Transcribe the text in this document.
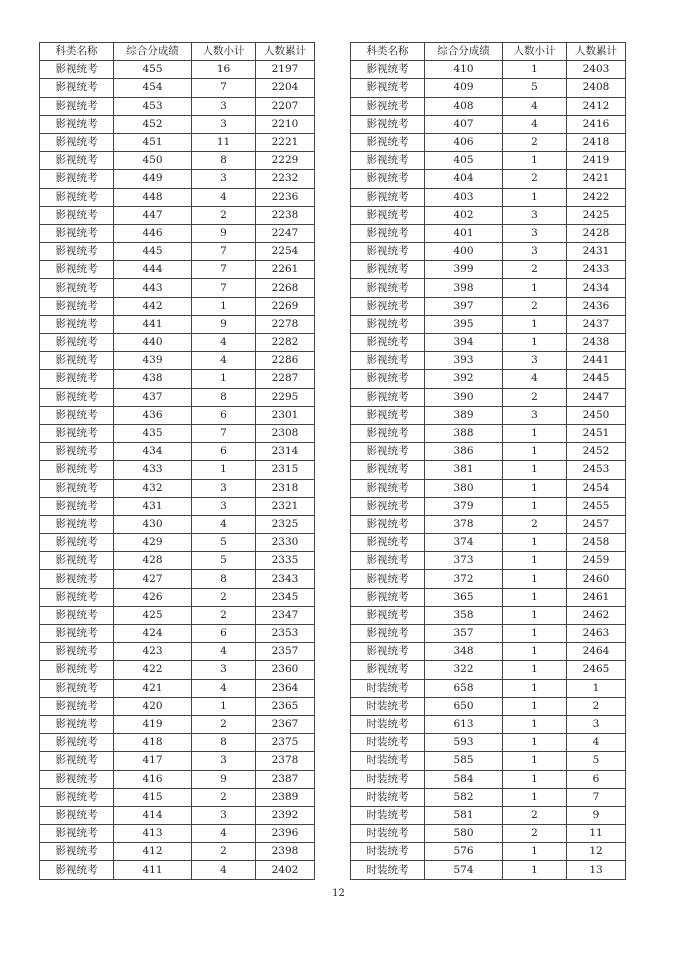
科类名称	综合分成绩	人数小计	人数累计
影视统考	455	16	2197
影视统考	454	7	2204
影视统考	453	3	2207
影视统考	452	3	2210
影视统考	451	11	2221
影视统考	450	8	2229
影视统考	449	3	2232
影视统考	448	4	2236
影视统考	447	2	2238
影视统考	446	9	2247
影视统考	445	7	2254
影视统考	444	7	2261
影视统考	443	7	2268
影视统考	442	1	2269
影视统考	441	9	2278
影视统考	440	4	2282
影视统考	439	4	2286
影视统考	438	1	2287
影视统考	437	8	2295
影视统考	436	6	2301
影视统考	435	7	2308
影视统考	434	6	2314
影视统考	433	1	2315
影视统考	432	3	2318
影视统考	431	3	2321
影视统考	430	4	2325
影视统考	429	5	2330
影视统考	428	5	2335
影视统考	427	8	2343
影视统考	426	2	2345
影视统考	425	2	2347
影视统考	424	6	2353
影视统考	423	4	2357
影视统考	422	3	2360
影视统考	421	4	2364
影视统考	420	1	2365
影视统考	419	2	2367
影视统考	418	8	2375
影视统考	417	3	2378
影视统考	416	9	2387
影视统考	415	2	2389
影视统考	414	3	2392
影视统考	413	4	2396
影视统考	412	2	2398
影视统考	411	4	2402
科类名称	综合分成绩	人数小计	人数累计
影视统考	410	1	2403
影视统考	409	5	2408
影视统考	408	4	2412
影视统考	407	4	2416
影视统考	406	2	2418
影视统考	405	1	2419
影视统考	404	2	2421
影视统考	403	1	2422
影视统考	402	3	2425
影视统考	401	3	2428
影视统考	400	3	2431
影视统考	399	2	2433
影视统考	398	1	2434
影视统考	397	2	2436
影视统考	395	1	2437
影视统考	394	1	2438
影视统考	393	3	2441
影视统考	392	4	2445
影视统考	390	2	2447
影视统考	389	3	2450
影视统考	388	1	2451
影视统考	386	1	2452
影视统考	381	1	2453
影视统考	380	1	2454
影视统考	379	1	2455
影视统考	378	2	2457
影视统考	374	1	2458
影视统考	373	1	2459
影视统考	372	1	2460
影视统考	365	1	2461
影视统考	358	1	2462
影视统考	357	1	2463
影视统考	348	1	2464
影视统考	322	1	2465
时装统考	658	1	1
时装统考	650	1	2
时装统考	613	1	3
时装统考	593	1	4
时装统考	585	1	5
时装统考	584	1	6
时装统考	582	1	7
时装统考	581	2	9
时装统考	580	2	11
时装统考	576	1	12
时装统考	574	1	13
12
